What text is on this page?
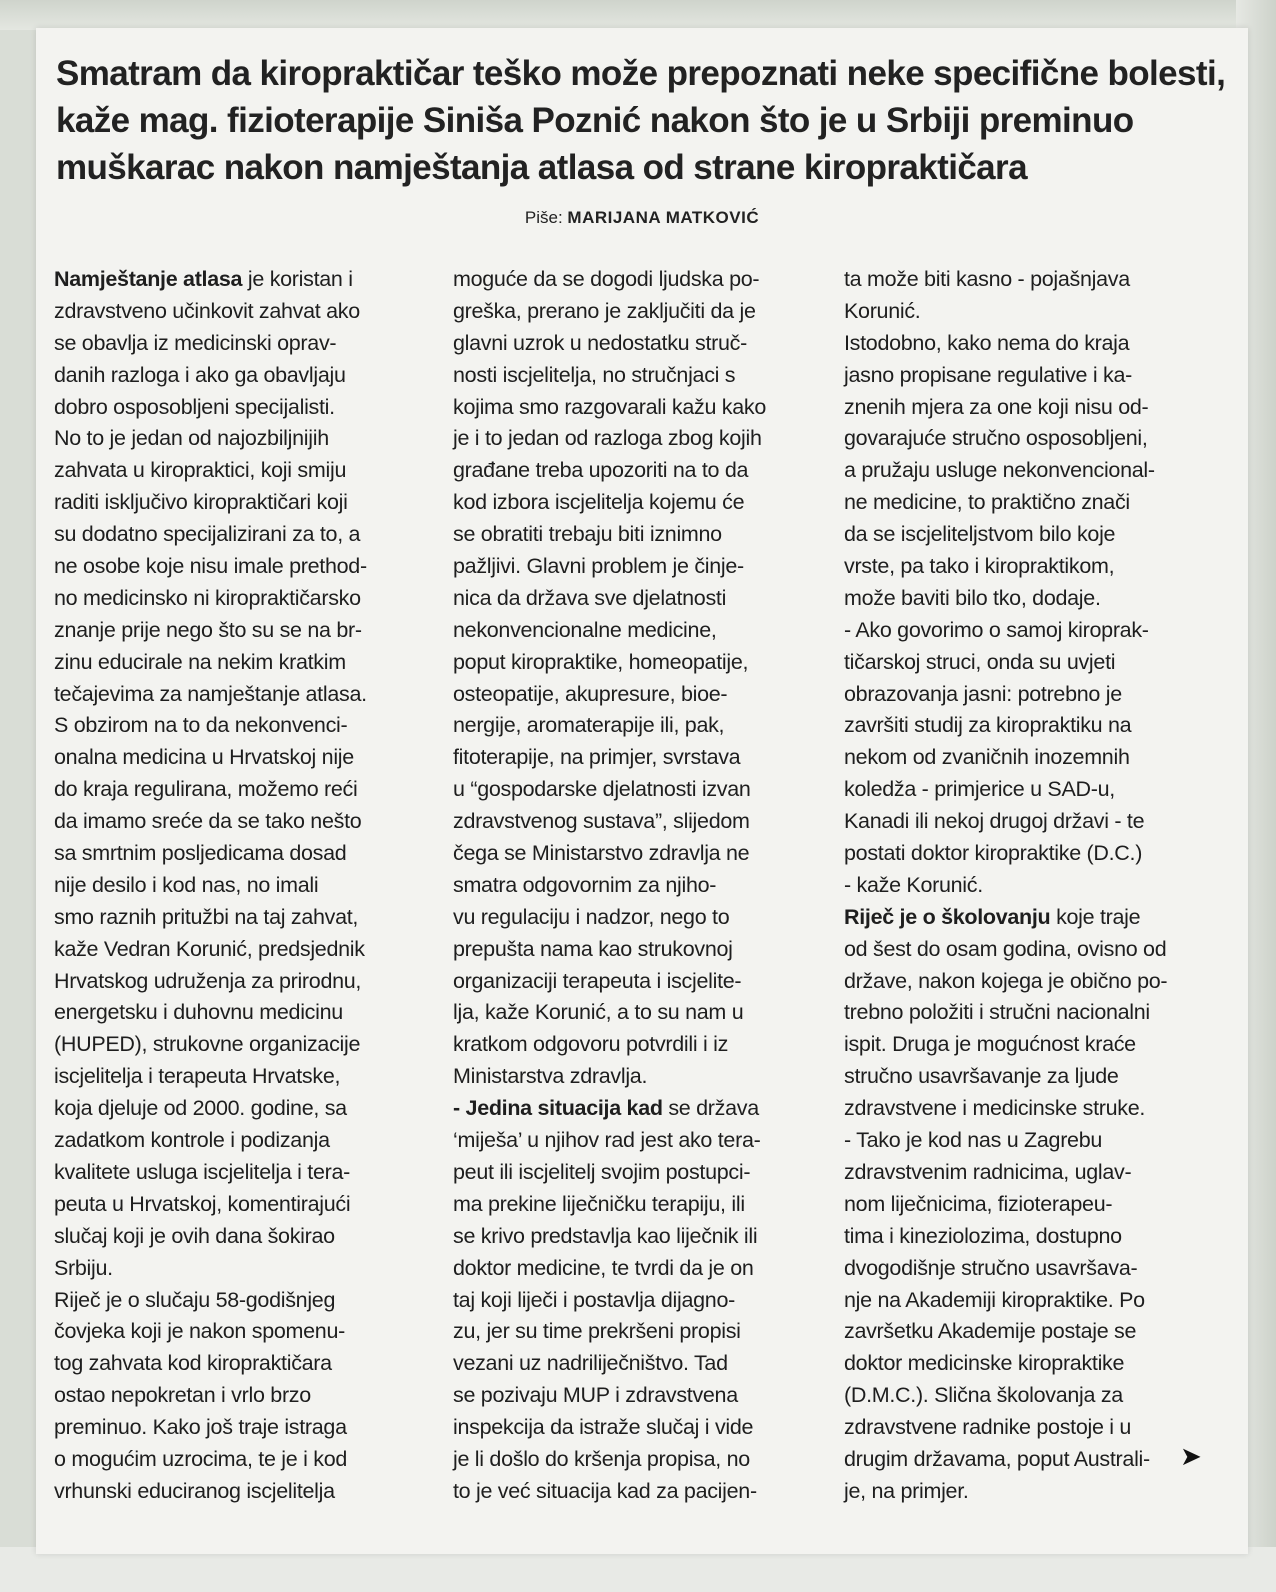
Smatram da kiropraktičar teško može prepoznati neke specifične bolesti, kaže mag. fizioterapije Siniša Poznić nakon što je u Srbiji preminuo muškarac nakon namještanja atlasa od strane kiropraktičara
Piše: MARIJANA MATKOVIĆ
Namještanje atlasa je koristan i
zdravstveno učinkovit zahvat ako
se obavlja iz medicinski oprav-
danih razloga i ako ga obavljaju
dobro osposobljeni specijalisti.
No to je jedan od najozbiljnijih
zahvata u kiropraktici, koji smiju
raditi isključivo kiropraktičari koji
su dodatno specijalizirani za to, a
ne osobe koje nisu imale prethod-
no medicinsko ni kiropraktičarsko
znanje prije nego što su se na br-
zinu educirale na nekim kratkim
tečajevima za namještanje atlasa.
S obzirom na to da nekonvenci-
onalna medicina u Hrvatskoj nije
do kraja regulirana, možemo reći
da imamo sreće da se tako nešto
sa smrtnim posljedicama dosad
nije desilo i kod nas, no imali
smo raznih pritužbi na taj zahvat,
kaže Vedran Korunić, predsjednik
Hrvatskog udruženja za prirodnu,
energetsku i duhovnu medicinu
(HUPED), strukovne organizacije
iscjelitelja i terapeuta Hrvatske,
koja djeluje od 2000. godine, sa
zadatkom kontrole i podizanja
kvalitete usluga iscjelitelja i tera-
peuta u Hrvatskoj, komentirajući
slučaj koji je ovih dana šokirao
Srbiju.
Riječ je o slučaju 58-godišnjeg
čovjeka koji je nakon spomenu-
tog zahvata kod kiropraktičara
ostao nepokretan i vrlo brzo
preminuo. Kako još traje istraga
o mogućim uzrocima, te je i kod
vrhunski educiranog iscjelitelja
moguće da se dogodi ljudska po-
greška, prerano je zaključiti da je
glavni uzrok u nedostatku struč-
nosti iscjelitelja, no stručnjaci s
kojima smo razgovarali kažu kako
je i to jedan od razloga zbog kojih
građane treba upozoriti na to da
kod izbora iscjelitelja kojemu će
se obratiti trebaju biti iznimno
pažljivi. Glavni problem je činje-
nica da država sve djelatnosti
nekonvencionalne medicine,
poput kiropraktike, homeopatije,
osteopatije, akupresure, bioe-
nergije, aromaterapije ili, pak,
fitoterapije, na primjer, svrstava
u “gospodarske djelatnosti izvan
zdravstvenog sustava”, slijedom
čega se Ministarstvo zdravlja ne
smatra odgovornim za njiho-
vu regulaciju i nadzor, nego to
prepušta nama kao strukovnoj
organizaciji terapeuta i iscjelite-
lja, kaže Korunić, a to su nam u
kratkom odgovoru potvrdili i iz
Ministarstva zdravlja.
- Jedina situacija kad se država
‘miješa’ u njihov rad jest ako tera-
peut ili iscjelitelj svojim postupci-
ma prekine liječničku terapiju, ili
se krivo predstavlja kao liječnik ili
doktor medicine, te tvrdi da je on
taj koji liječi i postavlja dijagno-
zu, jer su time prekršeni propisi
vezani uz nadriliječništvo. Tad
se pozivaju MUP i zdravstvena
inspekcija da istraže slučaj i vide
je li došlo do kršenja propisa, no
to je već situacija kad za pacijen-
ta može biti kasno - pojašnjava
Korunić.
Istodobno, kako nema do kraja
jasno propisane regulative i ka-
znenih mjera za one koji nisu od-
govarajuće stručno osposobljeni,
a pružaju usluge nekonvencional-
ne medicine, to praktično znači
da se iscjeliteljstvom bilo koje
vrste, pa tako i kiropraktikom,
može baviti bilo tko, dodaje.
- Ako govorimo o samoj kiroprak-
tičarskoj struci, onda su uvjeti
obrazovanja jasni: potrebno je
završiti studij za kiropraktiku na
nekom od zvaničnih inozemnih
koledža - primjerice u SAD-u,
Kanadi ili nekoj drugoj državi - te
postati doktor kiropraktike (D.C.)
- kaže Korunić.
Riječ je o školovanju koje traje
od šest do osam godina, ovisno od
države, nakon kojega je obično po-
trebno položiti i stručni nacionalni
ispit. Druga je mogućnost kraće
stručno usavršavanje za ljude
zdravstvene i medicinske struke.
- Tako je kod nas u Zagrebu
zdravstvenim radnicima, uglav-
nom liječnicima, fizioterapeu-
tima i kineziolozima, dostupno
dvogodišnje stručno usavršava-
nje na Akademiji kiropraktike. Po
završetku Akademije postaje se
doktor medicinske kiropraktike
(D.M.C.). Slična školovanja za
zdravstvene radnike postoje i u
drugim državama, poput Australi-
je, na primjer.
➤
